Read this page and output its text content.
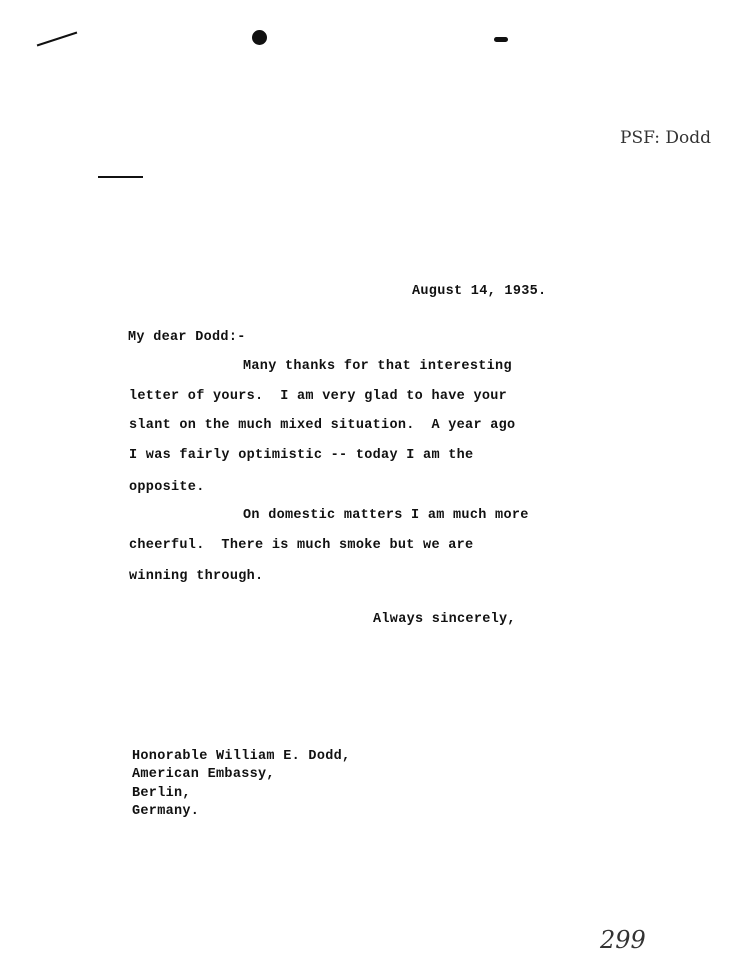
PSF: Dodd
August 14, 1935.
My dear Dodd:-
Many thanks for that interesting
letter of yours.  I am very glad to have your
slant on the much mixed situation.  A year ago
I was fairly optimistic -- today I am the
opposite.
On domestic matters I am much more
cheerful.  There is much smoke but we are
winning through.
Always sincerely,
Honorable William E. Dodd,
American Embassy,
Berlin,
Germany.
299
